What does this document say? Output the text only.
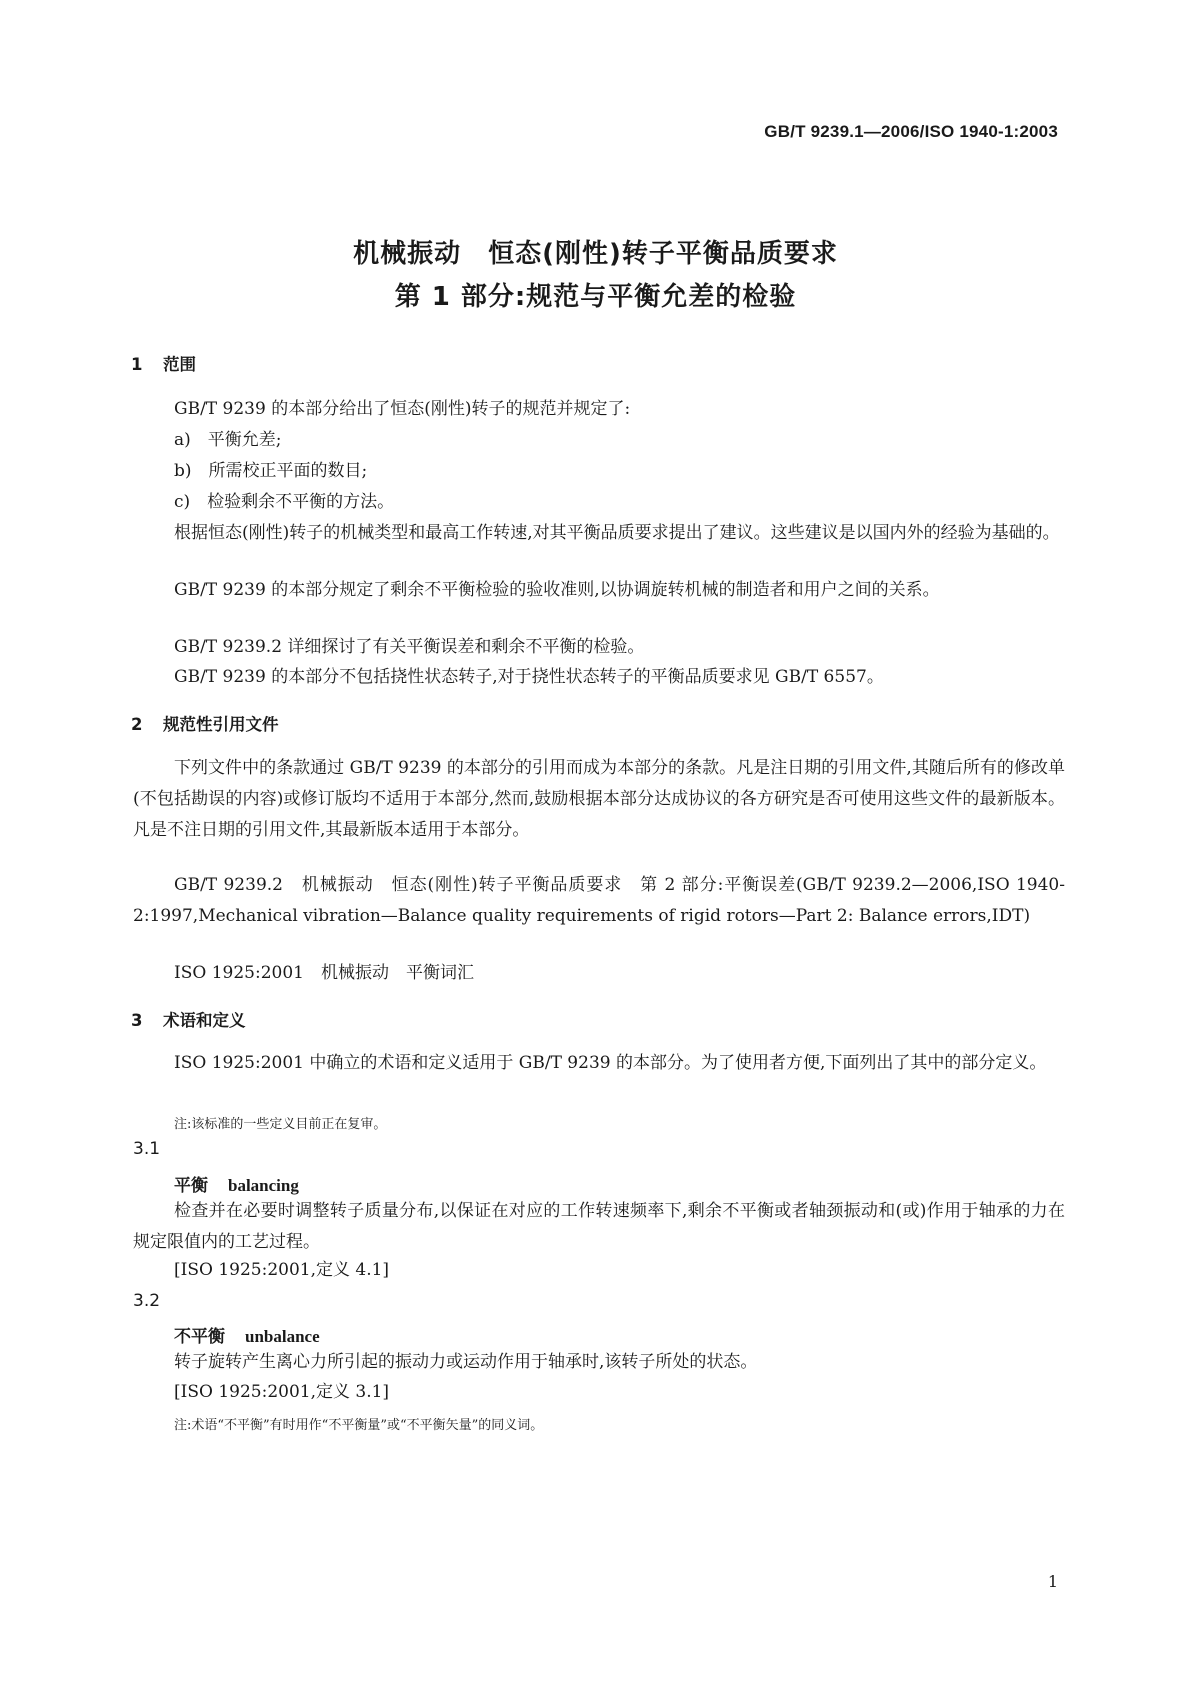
GB/T 9239.1—2006/ISO 1940-1:2003
机械振动　恒态(刚性)转子平衡品质要求
第 1 部分:规范与平衡允差的检验
1 范围
GB/T 9239 的本部分给出了恒态(刚性)转子的规范并规定了:
a)　平衡允差;
b)　所需校正平面的数目;
c)　检验剩余不平衡的方法。
根据恒态(刚性)转子的机械类型和最高工作转速,对其平衡品质要求提出了建议。这些建议是以国内外的经验为基础的。
GB/T 9239 的本部分规定了剩余不平衡检验的验收准则,以协调旋转机械的制造者和用户之间的关系。
GB/T 9239.2 详细探讨了有关平衡误差和剩余不平衡的检验。
GB/T 9239 的本部分不包括挠性状态转子,对于挠性状态转子的平衡品质要求见 GB/T 6557。
2 规范性引用文件
下列文件中的条款通过 GB/T 9239 的本部分的引用而成为本部分的条款。凡是注日期的引用文件,其随后所有的修改单(不包括勘误的内容)或修订版均不适用于本部分,然而,鼓励根据本部分达成协议的各方研究是否可使用这些文件的最新版本。凡是不注日期的引用文件,其最新版本适用于本部分。
GB/T 9239.2　机械振动　恒态(刚性)转子平衡品质要求　第 2 部分:平衡误差(GB/T 9239.2—2006,ISO 1940-2:1997,Mechanical vibration—Balance quality requirements of rigid rotors—Part 2: Balance errors,IDT)
ISO 1925:2001　机械振动　平衡词汇
3 术语和定义
ISO 1925:2001 中确立的术语和定义适用于 GB/T 9239 的本部分。为了使用者方便,下面列出了其中的部分定义。
注:该标准的一些定义目前正在复审。
3.1
平衡 balancing
检查并在必要时调整转子质量分布,以保证在对应的工作转速频率下,剩余不平衡或者轴颈振动和(或)作用于轴承的力在规定限值内的工艺过程。
[ISO 1925:2001,定义 4.1]
3.2
不平衡 unbalance
转子旋转产生离心力所引起的振动力或运动作用于轴承时,该转子所处的状态。
[ISO 1925:2001,定义 3.1]
注:术语“不平衡”有时用作“不平衡量”或“不平衡矢量”的同义词。
1
